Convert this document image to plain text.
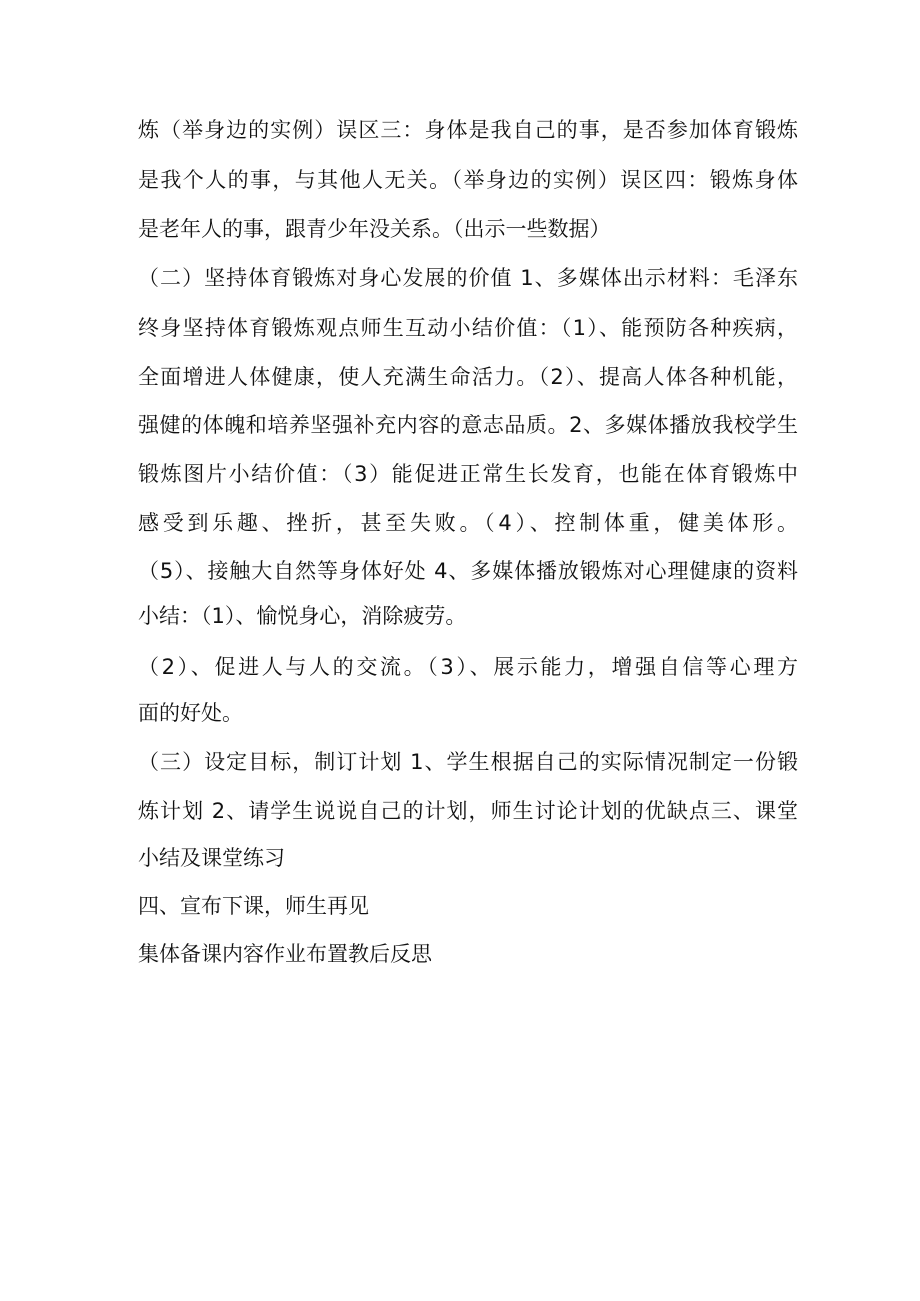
炼（举身边的实例）误区三：身体是我自己的事，是否参加体育锻炼

是我个人的事，与其他人无关。（举身边的实例）误区四：锻炼身体

是老年人的事，跟青少年没关系。（出示一些数据）

（二）坚持体育锻炼对身心发展的价值 1、多媒体出示材料：毛泽东

终身坚持体育锻炼观点师生互动小结价值：（1）、能预防各种疾病，

全面增进人体健康，使人充满生命活力。（2）、提高人体各种机能，

强健的体魄和培养坚强补充内容的意志品质。2、多媒体播放我校学生

锻炼图片小结价值：（3）能促进正常生长发育，也能在体育锻炼中

感受到乐趣、挫折，甚至失败。（4）、控制体重，健美体形。

（5）、接触大自然等身体好处 4、多媒体播放锻炼对心理健康的资料

小结：（1）、愉悦身心，消除疲劳。

（2）、促进人与人的交流。（3）、展示能力，增强自信等心理方

面的好处。

（三）设定目标，制订计划 1、学生根据自己的实际情况制定一份锻

炼计划 2、请学生说说自己的计划，师生讨论计划的优缺点三、课堂

小结及课堂练习

四、宣布下课，师生再见

集体备课内容作业布置教后反思
